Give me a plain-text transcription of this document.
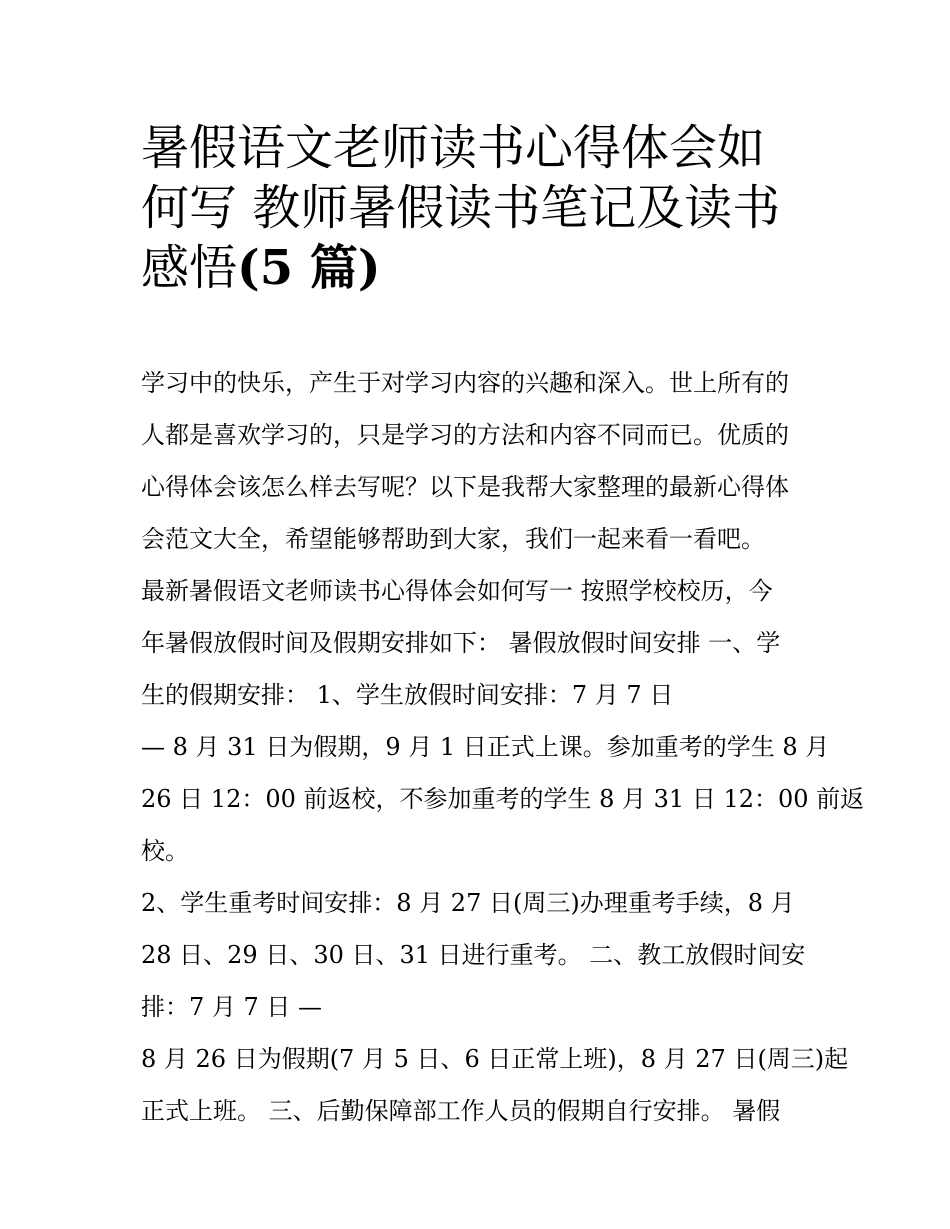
暑假语文老师读书心得体会如
何写 教师暑假读书笔记及读书
感悟(5 篇)
学习中的快乐，产生于对学习内容的兴趣和深入。世上所有的
人都是喜欢学习的，只是学习的方法和内容不同而已。优质的
心得体会该怎么样去写呢？以下是我帮大家整理的最新心得体
会范文大全，希望能够帮助到大家，我们一起来看一看吧。
最新暑假语文老师读书心得体会如何写一 按照学校校历，今
年暑假放假时间及假期安排如下： 暑假放假时间安排 一、学
生的假期安排： 1、学生放假时间安排：7 月 7 日
— 8 月 31 日为假期，9 月 1 日正式上课。参加重考的学生 8 月
26 日 12：00 前返校，不参加重考的学生 8 月 31 日 12：00 前返
校。
2、学生重考时间安排：8 月 27 日(周三)办理重考手续，8 月
28 日、29 日、30 日、31 日进行重考。 二、教工放假时间安
排：7 月 7 日 —
8 月 26 日为假期(7 月 5 日、6 日正常上班)，8 月 27 日(周三)起
正式上班。 三、后勤保障部工作人员的假期自行安排。 暑假
